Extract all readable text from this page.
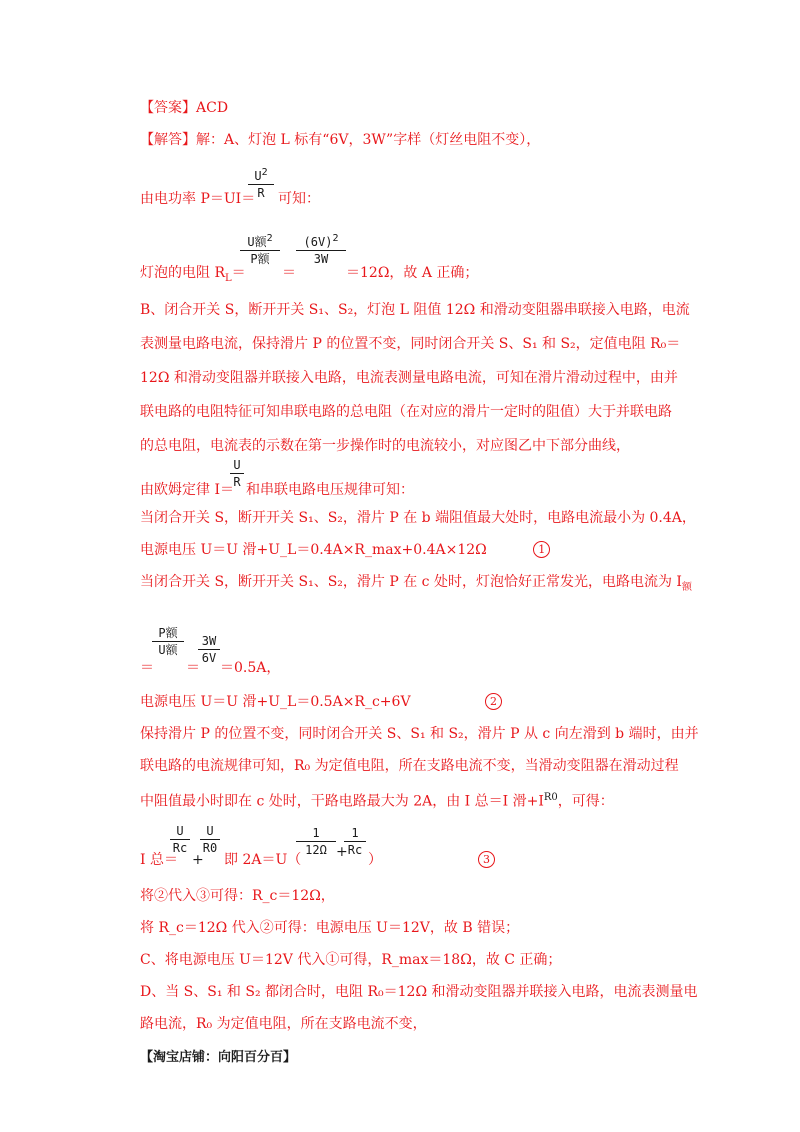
【答案】ACD
【解答】解：A、灯泡 L 标有“6V，3W”字样（灯丝电阻不变），
由电功率 P＝UI＝
$U^2$
R 可知：
灯泡的电阻 $R_L=$
U额$^2$
P额
＝
$(6V)^2$
3W
＝12Ω，故 A 正确；
B、闭合开关 S，断开开关 S₁、S₂，灯泡 L 阻值 12Ω 和滑动变阻器串联接入电路，电流
表测量电路电流，保持滑片 P 的位置不变，同时闭合开关 S、S₁ 和 S₂，定值电阻 R₀＝
12Ω 和滑动变阻器并联接入电路，电流表测量电路电流，可知在滑片滑动过程中，由并
联电路的电阻特征可知串联电路的总电阻（在对应的滑片一定时的阻值）大于并联电路
的总电阻，电流表的示数在第一步操作时的电流较小，对应图乙中下部分曲线，
由欧姆定律 I＝
U
R 和串联电路电压规律可知：
当闭合开关 S，断开开关 S₁、S₂，滑片 P 在 b 端阻值最大处时，电路电流最小为 0.4A，
电源电压 U＝U 滑+U_L＝0.4A×R_max+0.4A×12Ω	1
当闭合开关 S，断开开关 S₁、S₂，滑片 P 在 c 处时，灯泡恰好正常发光，电路电流为 $I_额$
＝
P额
U额
＝
3W
6V
＝0.5A，
电源电压 U＝U 滑+U_L＝0.5A×R_c+6V	2
保持滑片 P 的位置不变，同时闭合开关 S、S₁ 和 S₂，滑片 P 从 c 向左滑到 b 端时，由并
联电路的电流规律可知，R₀ 为定值电阻，所在支路电流不变，当滑动变阻器在滑动过程
中阻值最小时即在 c 处时，干路电路最大为 2A，由 I 总＝I 滑$+I^{R0}$，可得：
I 总＝
U
Rc
+
U
R0
即 2A＝U（
1
12Ω +
1
Rc
）	3
将②代入③可得：R_c＝12Ω，
将 R_c＝12Ω 代入②可得：电源电压 U＝12V，故 B 错误；
C、将电源电压 U＝12V 代入①可得，R_max＝18Ω，故 C 正确；
D、当 S、S₁ 和 S₂ 都闭合时，电阻 R₀＝12Ω 和滑动变阻器并联接入电路，电流表测量电
路电流，R₀ 为定值电阻，所在支路电流不变，
【淘宝店铺：向阳百分百】
